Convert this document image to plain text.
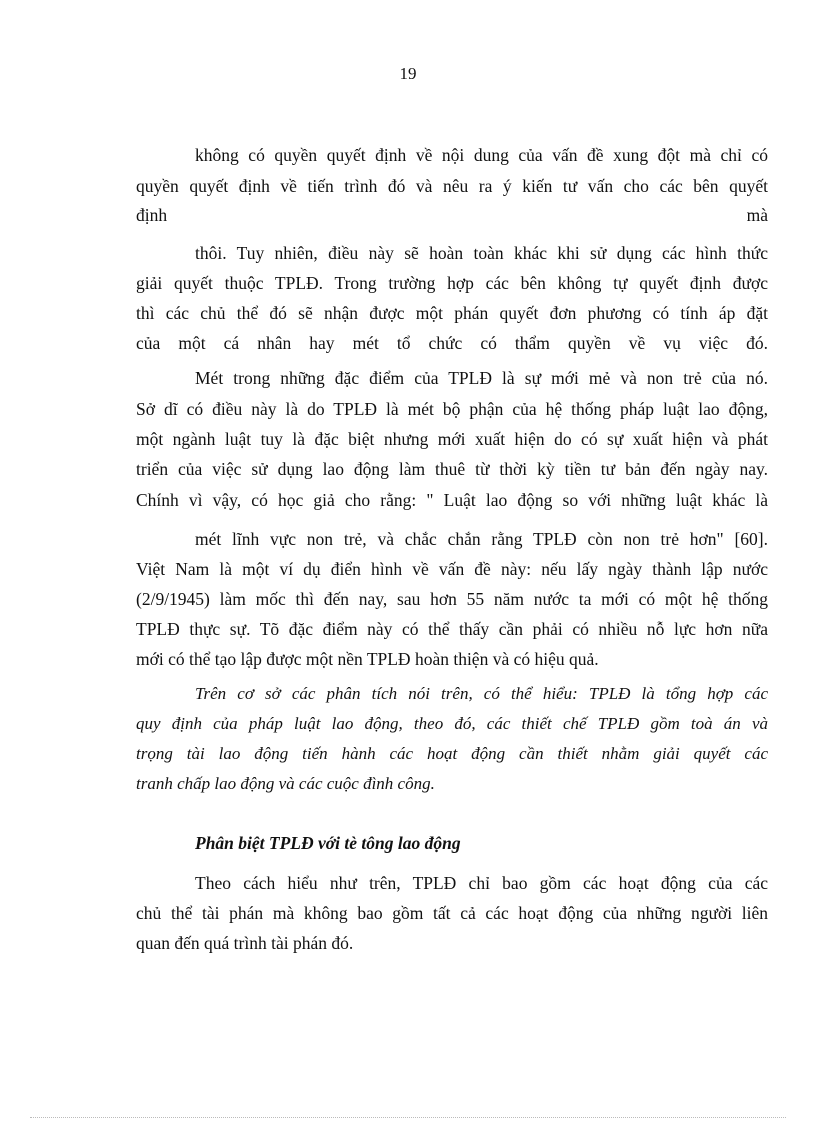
19
không có quyền quyết định về nội dung của vấn đề xung đột mà chỉ có
quyền quyết định về tiến trình đó và nêu ra ý kiến tư vấn cho các bên quyết
định mà
thôi. Tuy nhiên, điều này sẽ hoàn toàn khác khi sử dụng các hình thức
giải quyết thuộc TPLĐ. Trong trường hợp các bên không tự quyết định được
thì các chủ thể đó sẽ nhận được một phán quyết đơn phương có tính áp đặt
của một cá nhân hay mét tổ chức có thẩm quyền về vụ việc đó.
Mét trong những đặc điểm của TPLĐ là sự mới mẻ và non trẻ của nó.
Sở dĩ có điều này là do TPLĐ là mét bộ phận của hệ thống pháp luật lao động,
một ngành luật tuy là đặc biệt nhưng mới xuất hiện do có sự xuất hiện và phát
triển của việc sử dụng lao động làm thuê từ thời kỳ tiền tư bản đến ngày nay.
Chính vì vậy, có học giả cho rằng: " Luật lao động so với những luật khác là
mét lĩnh vực non trẻ, và chắc chắn rằng TPLĐ còn non trẻ hơn" [60].
Việt Nam là một ví dụ điển hình về vấn đề này: nếu lấy ngày thành lập nước
(2/9/1945) làm mốc thì đến nay, sau hơn 55 năm nước ta mới có một hệ thống
TPLĐ thực sự. Tõ đặc điểm này có thể thấy cần phải có nhiều nỗ lực hơn nữa
mới có thể tạo lập được một nền TPLĐ hoàn thiện và có hiệu quả.
Trên cơ sở các phân tích nói trên, có thể hiểu: TPLĐ là tổng hợp các
quy định của pháp luật lao động, theo đó, các thiết chế TPLĐ gồm toà án và
trọng tài lao động tiến hành các hoạt động cần thiết nhằm giải quyết các
tranh chấp lao động và các cuộc đình công.
Phân biệt TPLĐ với tè tông lao động
Theo cách hiểu như trên, TPLĐ chỉ bao gồm các hoạt động của các
chủ thể tài phán mà không bao gồm tất cả các hoạt động của những người liên
quan đến quá trình tài phán đó.
